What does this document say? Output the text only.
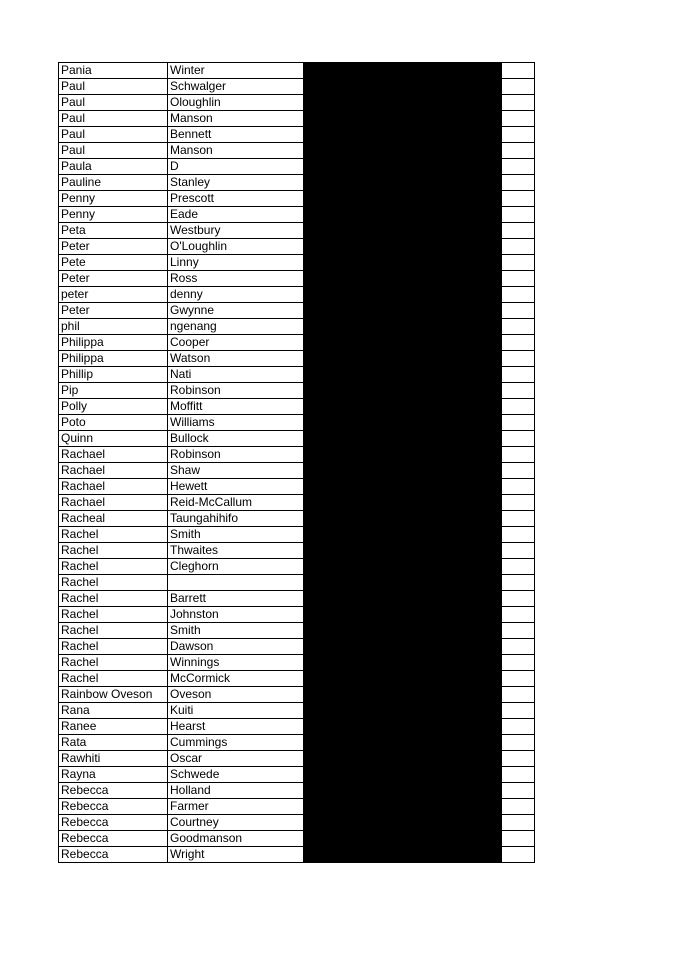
Pania	Winter		
Paul	Schwalger		
Paul	Oloughlin		
Paul	Manson		
Paul	Bennett		
Paul	Manson		
Paula	D		
Pauline	Stanley		
Penny	Prescott		
Penny	Eade		
Peta	Westbury		
Peter	O'Loughlin		
Pete	Linny		
Peter	Ross		
peter	denny		
Peter	Gwynne		
phil	ngenang		
Philippa	Cooper		
Philippa	Watson		
Phillip	Nati		
Pip	Robinson		
Polly	Moffitt		
Poto	Williams		
Quinn	Bullock		
Rachael	Robinson		
Rachael	Shaw		
Rachael	Hewett		
Rachael	Reid-McCallum		
Racheal	Taungahihifo		
Rachel	Smith		
Rachel	Thwaites		
Rachel	Cleghorn		
Rachel			
Rachel	Barrett		
Rachel	Johnston		
Rachel	Smith		
Rachel	Dawson		
Rachel	Winnings		
Rachel	McCormick		
Rainbow Oveson	Oveson		
Rana	Kuiti		
Ranee	Hearst		
Rata	Cummings		
Rawhiti	Oscar		
Rayna	Schwede		
Rebecca	Holland		
Rebecca	Farmer		
Rebecca	Courtney		
Rebecca	Goodmanson		
Rebecca	Wright		
